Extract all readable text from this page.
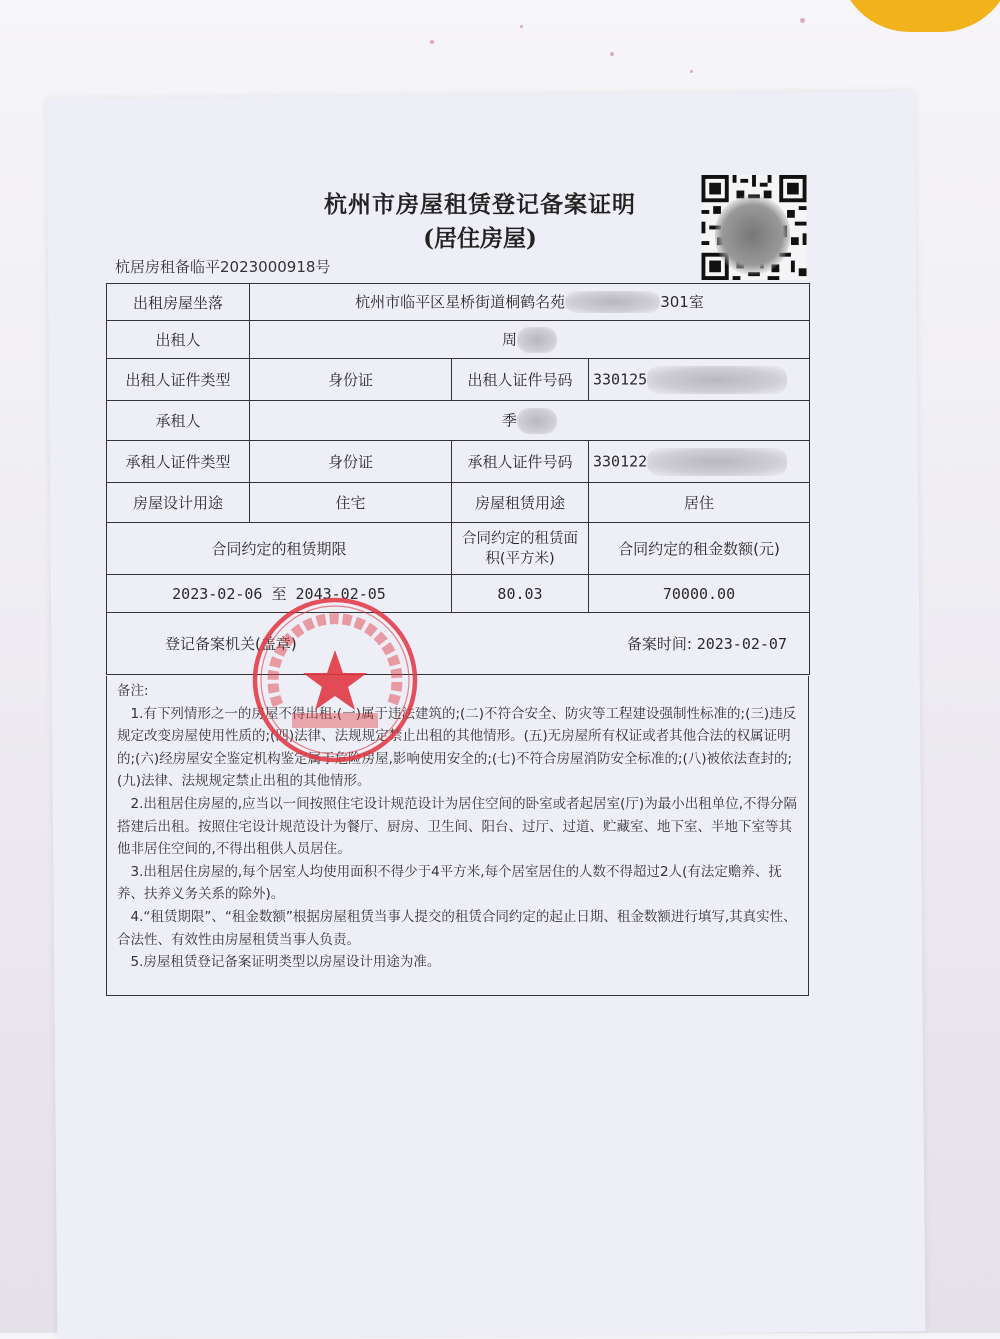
杭州市房屋租赁登记备案证明
(居住房屋)
杭居房租备临平2023000918号
出租房屋坐落	杭州市临平区星桥街道桐鹤名苑 301室		
出租人	周		
出租人证件类型	身份证	出租人证件号码	330125
承租人	季		
承租人证件类型	身份证	承租人证件号码	330122
房屋设计用途	住宅	房屋租赁用途	居住
合同约定的租赁期限		合同约定的租赁面积(平方米)	合同约定的租金数额(元)
2023-02-06 至 2043-02-05		80.03	70000.00
登记备案机关(盖章)		备案时间: 2023-02-07	

备注:

1.有下列情形之一的房屋不得出租:(一)属于违法建筑的;(二)不符合安全、防灾等工程建设强制性标准的;(三)违反规定改变房屋使用性质的;(四)法律、法规规定禁止出租的其他情形。(五)无房屋所有权证或者其他合法的权属证明的;(六)经房屋安全鉴定机构鉴定属于危险房屋,影响使用安全的;(七)不符合房屋消防安全标准的;(八)被依法查封的;(九)法律、法规规定禁止出租的其他情形。

2.出租居住房屋的,应当以一间按照住宅设计规范设计为居住空间的卧室或者起居室(厅)为最小出租单位,不得分隔搭建后出租。按照住宅设计规范设计为餐厅、厨房、卫生间、阳台、过厅、过道、贮藏室、地下室、半地下室等其他非居住空间的,不得出租供人员居住。

3.出租居住房屋的,每个居室人均使用面积不得少于4平方米,每个居室居住的人数不得超过2人(有法定赡养、抚养、扶养义务关系的除外)。

4.“租赁期限”、“租金数额”根据房屋租赁当事人提交的租赁合同约定的起止日期、租金数额进行填写,其真实性、合法性、有效性由房屋租赁当事人负责。

5.房屋租赁登记备案证明类型以房屋设计用途为准。
